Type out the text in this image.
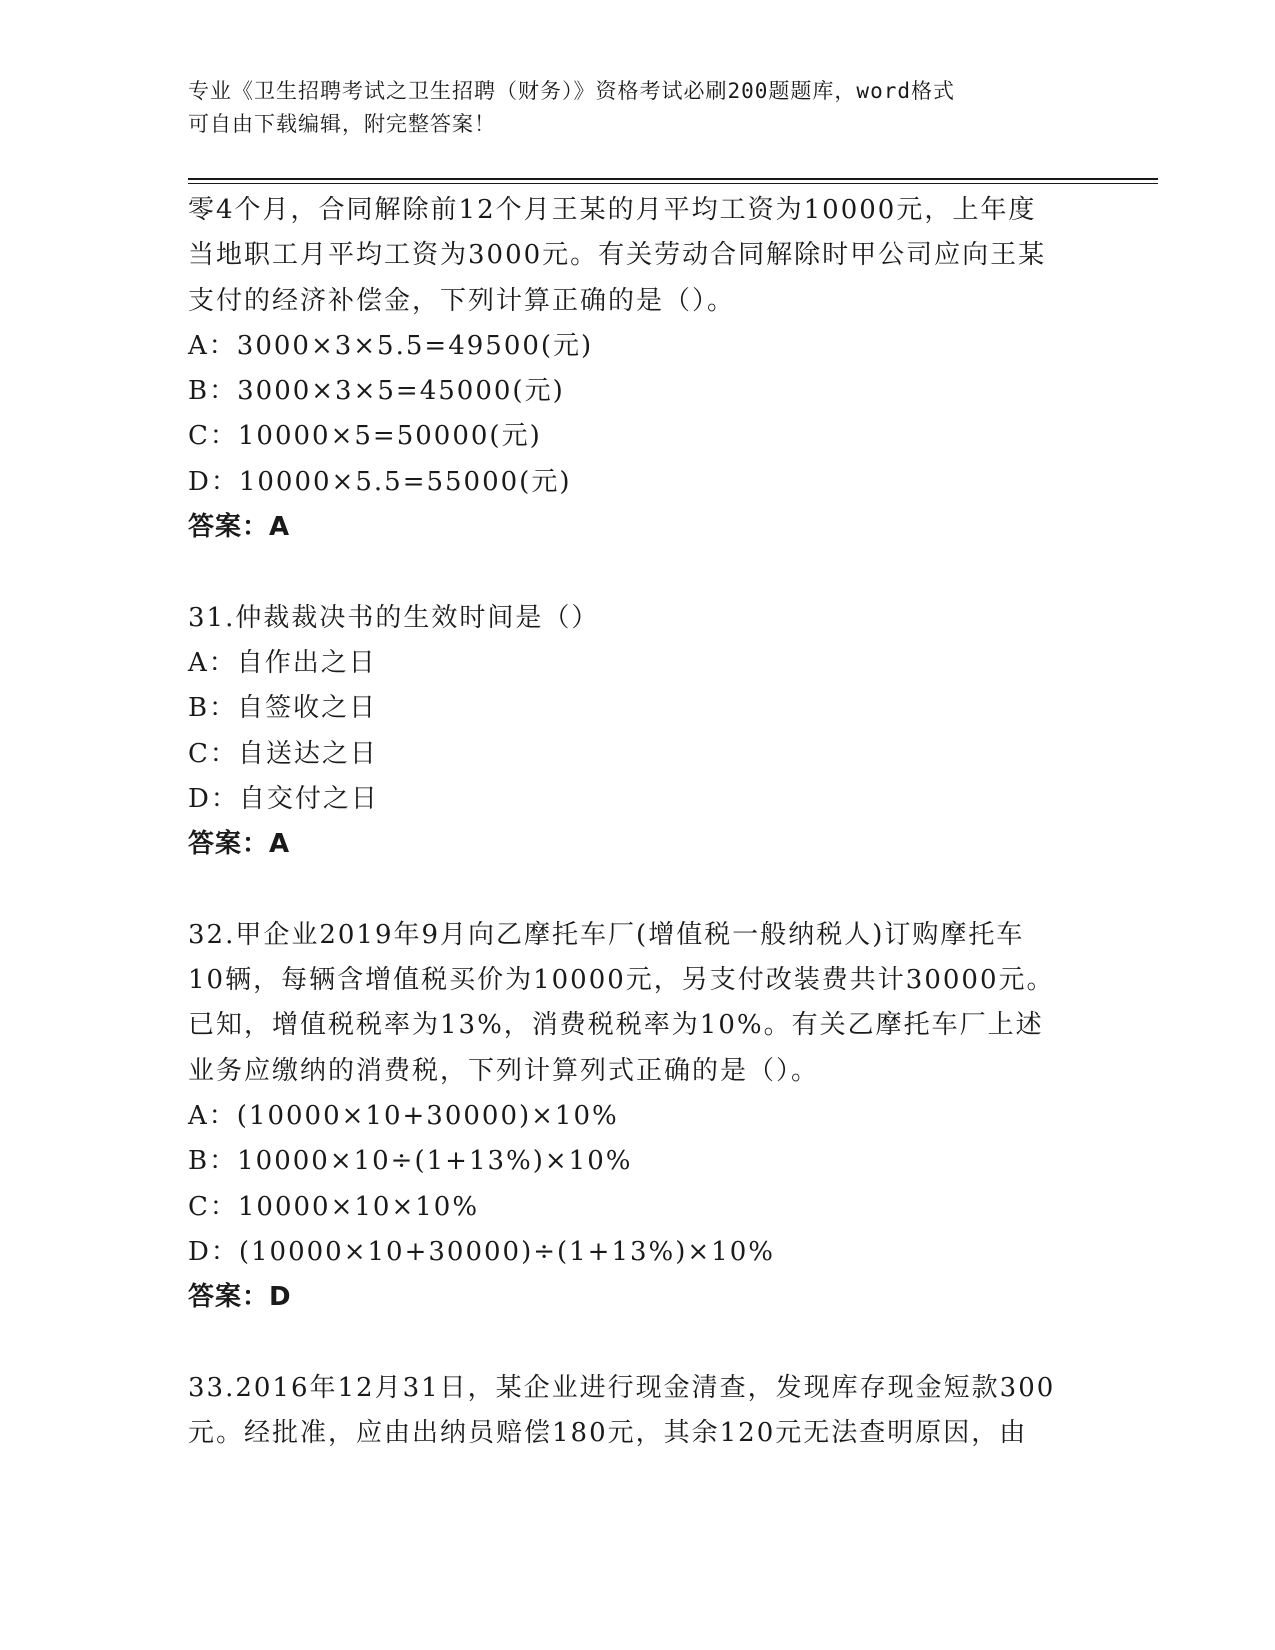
专业《卫生招聘考试之卫生招聘（财务）》资格考试必刷200题题库，word格式
可自由下载编辑，附完整答案！
零4个月，合同解除前12个月王某的月平均工资为10000元，上年度
当地职工月平均工资为3000元。有关劳动合同解除时甲公司应向王某
支付的经济补偿金，下列计算正确的是（）。
A：3000×3×5.5=49500(元)
B：3000×3×5=45000(元)
C：10000×5=50000(元)
D：10000×5.5=55000(元)
答案：A
31.仲裁裁决书的生效时间是（）
A：自作出之日
B：自签收之日
C：自送达之日
D：自交付之日
答案：A
32.甲企业2019年9月向乙摩托车厂(增值税一般纳税人)订购摩托车
10辆，每辆含增值税买价为10000元，另支付改装费共计30000元。
已知，增值税税率为13%，消费税税率为10%。有关乙摩托车厂上述
业务应缴纳的消费税，下列计算列式正确的是（）。
A：(10000×10+30000)×10%
B：10000×10÷(1+13%)×10%
C：10000×10×10%
D：(10000×10+30000)÷(1+13%)×10%
答案：D
33.2016年12月31日，某企业进行现金清查，发现库存现金短款300
元。经批准，应由出纳员赔偿180元，其余120元无法查明原因，由
